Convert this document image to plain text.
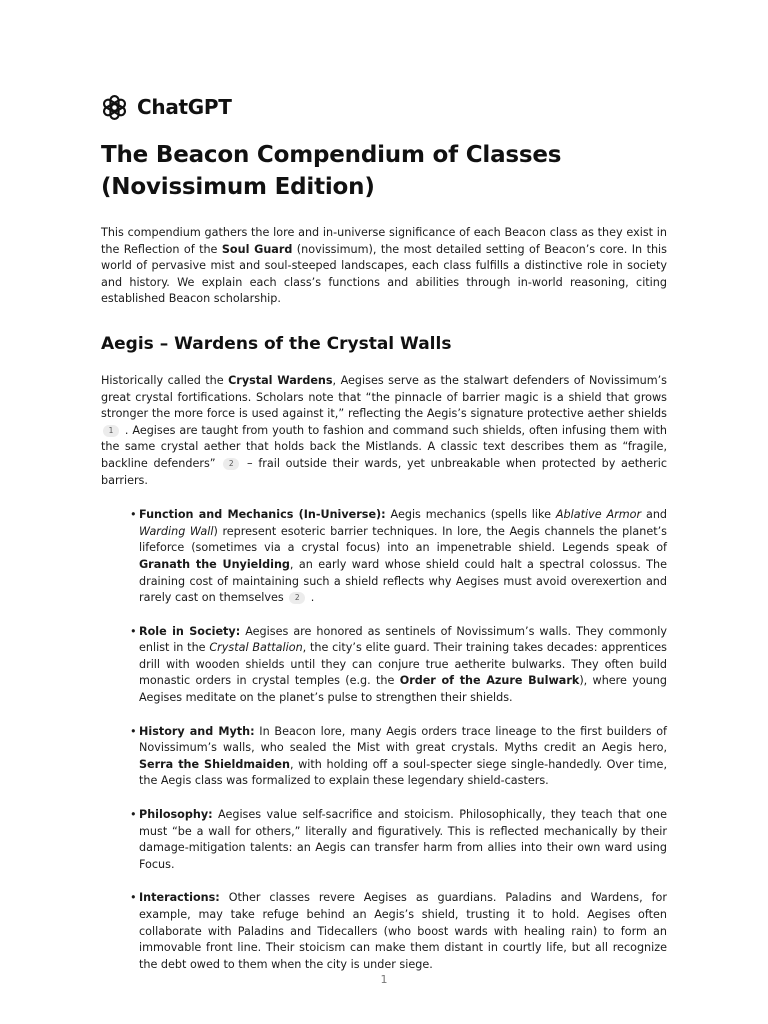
ChatGPT
The Beacon Compendium of Classes (Novissimum Edition)

This compendium gathers the lore and in-universe significance of each Beacon class as they exist in the Reflection of the Soul Guard (novissimum), the most detailed setting of Beacon’s core. In this world of pervasive mist and soul-steeped landscapes, each class fulfills a distinctive role in society and history. We explain each class’s functions and abilities through in-world reasoning, citing established Beacon scholarship.

Aegis – Wardens of the Crystal Walls

Historically called the Crystal Wardens, Aegises serve as the stalwart defenders of Novissimum’s great crystal fortifications. Scholars note that “the pinnacle of barrier magic is a shield that grows stronger the more force is used against it,” reflecting the Aegis’s signature protective aether shields 1 . Aegises are taught from youth to fashion and command such shields, often infusing them with the same crystal aether that holds back the Mistlands. A classic text describes them as “fragile, backline defenders” 2 – frail outside their wards, yet unbreakable when protected by aetheric barriers.

• Function and Mechanics (In-Universe): Aegis mechanics (spells like Ablative Armor and Warding Wall) represent esoteric barrier techniques. In lore, the Aegis channels the planet’s lifeforce (sometimes via a crystal focus) into an impenetrable shield. Legends speak of Granath the Unyielding, an early ward whose shield could halt a spectral colossus. The draining cost of maintaining such a shield reflects why Aegises must avoid overexertion and rarely cast on themselves 2 .
• Role in Society: Aegises are honored as sentinels of Novissimum’s walls. They commonly enlist in the Crystal Battalion, the city’s elite guard. Their training takes decades: apprentices drill with wooden shields until they can conjure true aetherite bulwarks. They often build monastic orders in crystal temples (e.g. the Order of the Azure Bulwark), where young Aegises meditate on the planet’s pulse to strengthen their shields.
• History and Myth: In Beacon lore, many Aegis orders trace lineage to the first builders of Novissimum’s walls, who sealed the Mist with great crystals. Myths credit an Aegis hero, Serra the Shieldmaiden, with holding off a soul-specter siege single-handedly. Over time, the Aegis class was formalized to explain these legendary shield-casters.
• Philosophy: Aegises value self-sacrifice and stoicism. Philosophically, they teach that one must “be a wall for others,” literally and figuratively. This is reflected mechanically by their damage-mitigation talents: an Aegis can transfer harm from allies into their own ward using Focus.
• Interactions: Other classes revere Aegises as guardians. Paladins and Wardens, for example, may take refuge behind an Aegis’s shield, trusting it to hold. Aegises often collaborate with Paladins and Tidecallers (who boost wards with healing rain) to form an immovable front line. Their stoicism can make them distant in courtly life, but all recognize the debt owed to them when the city is under siege.
1
